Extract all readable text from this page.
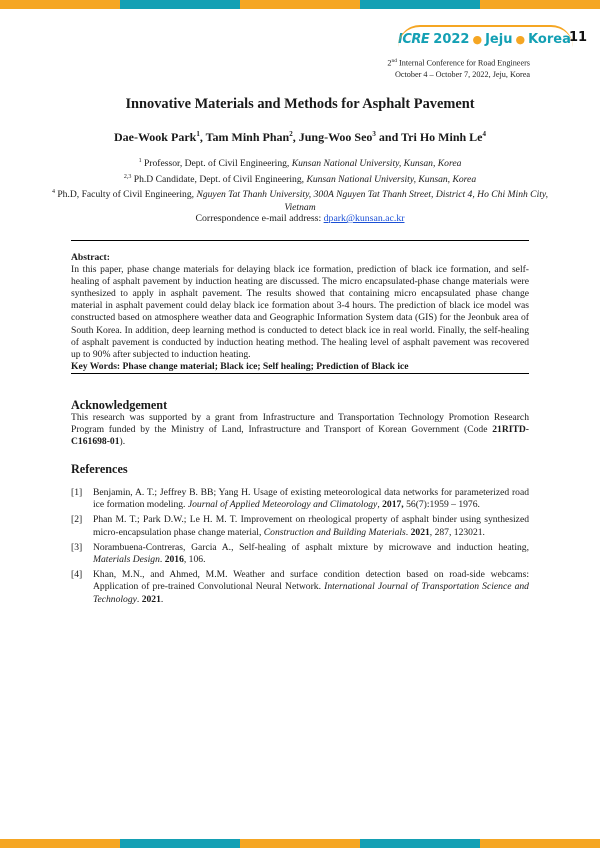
ICRE 2022 ● Jeju ● Korea
11
2nd Internal Conference for Road Engineers
October 4 – October 7, 2022, Jeju, Korea
Innovative Materials and Methods for Asphalt Pavement
Dae-Wook Park$^1$, Tam Minh Phan$^2$, Jung-Woo Seo$^3$ and Tri Ho Minh Le$^4$
$^1$ Professor, Dept. of Civil Engineering, Kunsan National University, Kunsan, Korea
$^{2,3}$ Ph.D Candidate, Dept. of Civil Engineering, Kunsan National University, Kunsan, Korea
$^4$ Ph.D, Faculty of Civil Engineering, Nguyen Tat Thanh University, 300A Nguyen Tat Thanh Street, District 4, Ho Chi Minh City, Vietnam
Correspondence e-mail address: dpark@kunsan.ac.kr
Abstract:
In this paper, phase change materials for delaying black ice formation, prediction of black ice formation, and self-healing of asphalt pavement by induction heating are discussed. The micro encapsulated-phase change materials were synthesized to apply in asphalt pavement. The results showed that containing micro encapsulated phase change material in asphalt pavement could delay black ice formation about 3-4 hours. The prediction of black ice model was constructed based on atmosphere weather data and Geographic Information System data (GIS) for the Jeonbuk area of South Korea. In addition, deep learning method is conducted to detect black ice in real world. Finally, the self-healing of asphalt pavement is conducted by induction heating method. The healing level of asphalt pavement was recovered up to 90% after subjected to induction heating.
Key Words: Phase change material; Black ice; Self healing; Prediction of Black ice
Acknowledgement
This research was supported by a grant from Infrastructure and Transportation Technology Promotion Research Program funded by the Ministry of Land, Infrastructure and Transport of Korean Government (Code 21RITD-C161698-01).
References
[1] Benjamin, A. T.; Jeffrey B. BB; Yang H. Usage of existing meteorological data networks for parameterized road ice formation modeling. Journal of Applied Meteorology and Climatology, 2017, 56(7):1959 – 1976.
[2] Phan M. T.; Park D.W.; Le H. M. T. Improvement on rheological property of asphalt binder using synthesized micro-encapsulation phase change material, Construction and Building Materials. 2021, 287, 123021.
[3] Norambuena-Contreras, Garcia A., Self-healing of asphalt mixture by microwave and induction heating, Materials Design. 2016, 106.
[4] Khan, M.N., and Ahmed, M.M. Weather and surface condition detection based on road-side webcams: Application of pre-trained Convolutional Neural Network. International Journal of Transportation Science and Technology. 2021.
